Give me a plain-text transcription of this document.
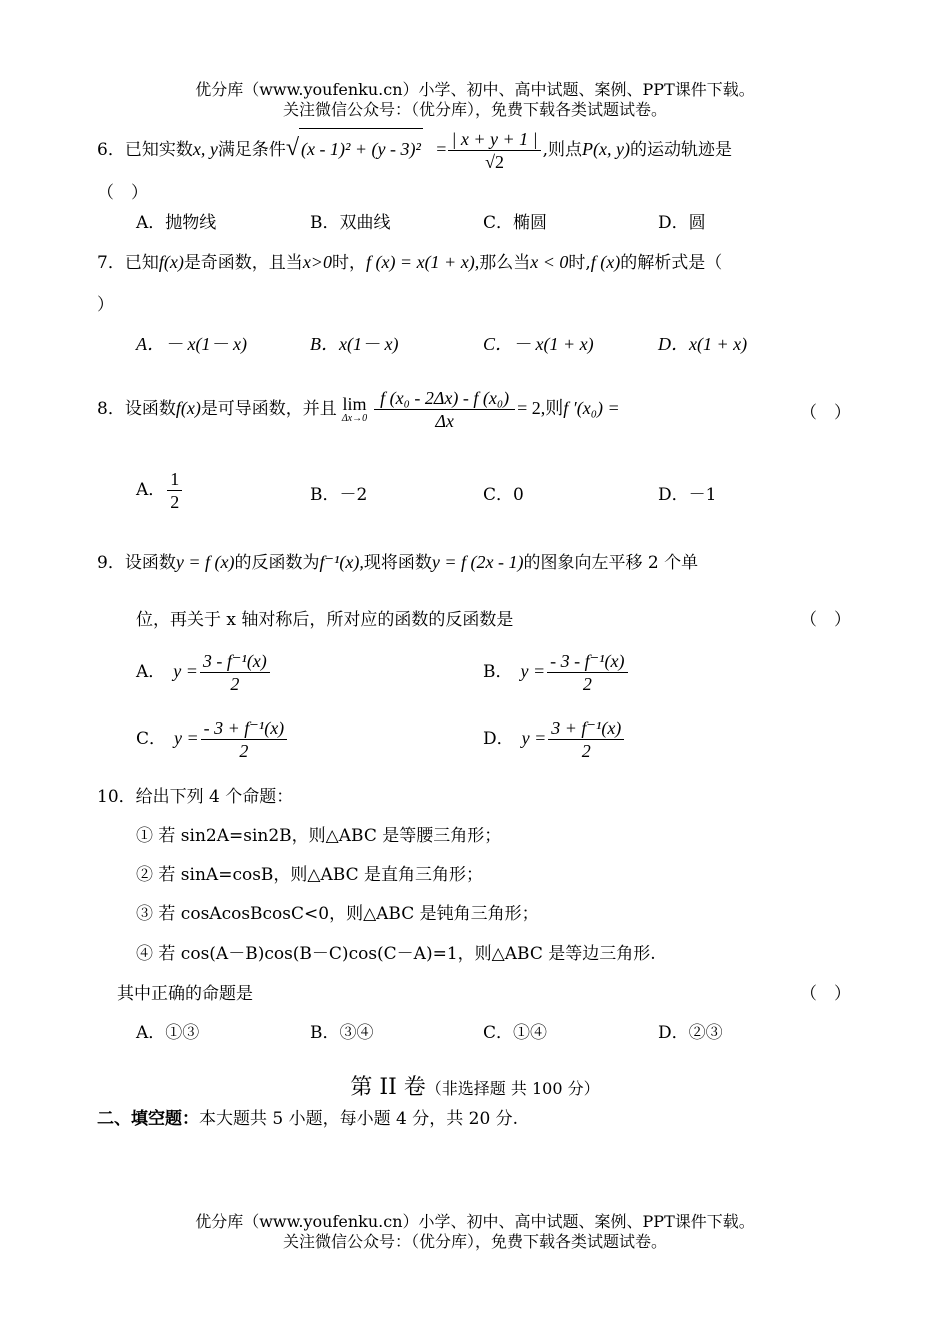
优分库（www.youfenku.cn）小学、初中、高中试题、案例、PPT课件下载。
关注微信公众号：（优分库），免费下载各类试题试卷。
6．已知实数x, y满足条件√ $(x - 1)^2 + (y - 3)^2 = \frac{| x + y + 1 |}{√2}$ ,则点P(x, y)的运动轨迹是
（　）
A．抛物线	B．双曲线	C．椭圆	D．圆
7．已知f(x)是奇函数，且当x>0时，f (x) = x(1 + x),那么当x < 0时,f (x)的解析式是（
）
A．－ x(1－ x)	B．x(1－ x)	C．－ x(1 + x)	D．x(1 + x)
8．设函数f(x)是可导函数，并且 lim
$\Delta x\to 0 \frac{\text{f (x₀ - 2Δx) - f (x₀)}}{\Delta x} = 2$,则f ′(x₀) =	（　）
A． $\frac{1}{2}$	B．－2	C．0	D．－1
9．设函数y = f (x)的反函数为f⁻¹(x),现将函数y = f (2x - 1)的图象向左平移 2 个单
位，再关于 x 轴对称后，所对应的函数的反函数是	（　）
A． $y = \frac{\text{3 - f⁻¹(x)}}{2}$	B． $y = \frac{\text{- 3 - f⁻¹(x)}}{2}$
C． $y = \frac{\text{- 3 + f⁻¹(x)}}{2}$	D． $y = \frac{\text{3 + f⁻¹(x)}}{2}$
10．给出下列 4 个命题：
① 若 sin2A=sin2B，则△ABC 是等腰三角形；
② 若 sinA=cosB，则△ABC 是直角三角形；
③ 若 cosAcosBcosC<0，则△ABC 是钝角三角形；
④ 若 cos(A－B)cos(B－C)cos(C－A)=1，则△ABC 是等边三角形.
其中正确的命题是	（　）
A．①③	B．③④	C．①④	D．②③
第 II 卷（非选择题 共 100 分）
二、填空题：本大题共 5 小题，每小题 4 分，共 20 分.
优分库（www.youfenku.cn）小学、初中、高中试题、案例、PPT课件下载。
关注微信公众号：（优分库），免费下载各类试题试卷。
